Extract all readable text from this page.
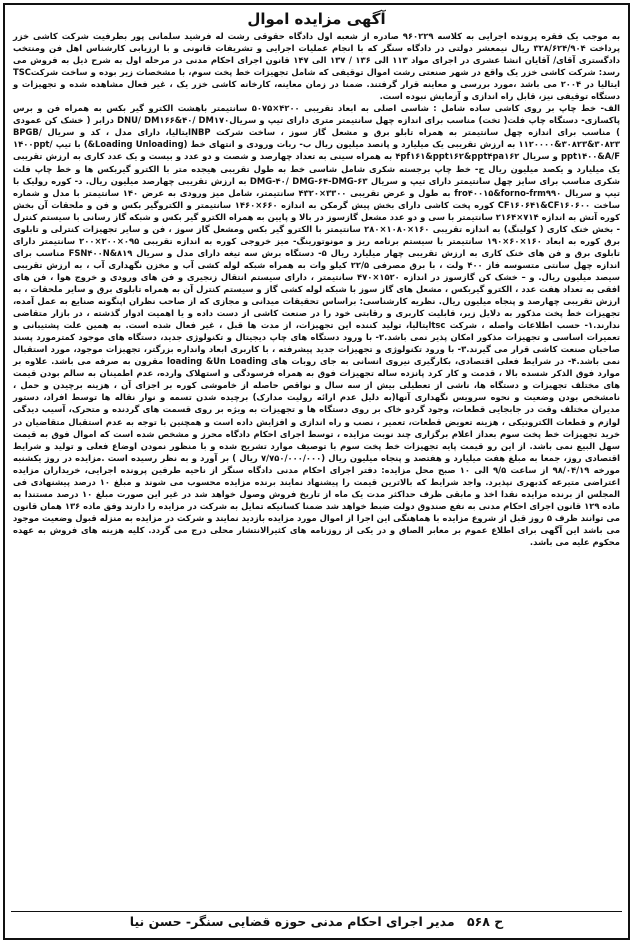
آگهی مزایده اموال

به موجب یک فقره پرونده اجرایی به کلاسه ۹۶۰۲۲۹ صادره از شعبه اول دادگاه حقوقی رشت له فرشید سلمانی پور بطرفیت شرکت کاشی خزر پرداخت ۳۲۸/۶۲۴/۹۰۴ ریال نیمعشر دولتی در دادگاه سنگر که با انجام عملیات اجرایی و تشریفات قانونی و با ارزیابی کارشناس اهل فن ومنتخب دادگستری آقای/ آقایان انشا عشری در اجرای مواد ۱۱۳ الی ۱۳۶ / ۱۳۷ الی ۱۴۷ قانون اجرای احکام مدنی در مرحله اول به شرح ذیل به فروش می رسد: شرکت کاشی خزر یک واقع در شهر صنعتی رشت اموال توقیفی که شامل تجهیزات خط پخت سوم، با مشخصات زیر بوده و ساخت شرکتTSC ایتالیا در ۲۰۰۴ می باشد ،مورد بررسی و معاینه قرار گرفتند. ضمنا در زمان معاینه، کارخانه کاشی خزر یک ، غیر فعال مشاهده شده و تجهیزات و دستگاه توقیفی نیز، قابل راه اندازی و آزمایش نبوده است.

الف- خط چاپ بر روی کاشی ساده شامل : شاسی اصلی به ابعاد تقریبی ۴۲۰۰×۵۰۷۵ سانتیمتر باهشت الکترو گیر بکس به همراه فن و برس پاکسازی- دستگاه چاپ فلت( تخت) مناسب برای اندازه چهل سانتیمتر متری دارای تیپ و سریالDNU/ DM۱۶۶&۴۰/ DM۱۷۰ درابر ( خشک کن عمودی ) مناسب برای اندازه چهل سانتیمتر به همراه تابلو برق و مشعل گاز سوز ، ساخت شرکت NBPایتالیا، دارای مدل ، کد و سریال BPGB/۱۱۲۰۰۰۰&۳۰۸۲۳&۳۰۸۲۳ به ارزش تقریبی یک میلیارد و پانصد میلیون ریال ب- ربات ورودی و انتهای خط (Loading Unloading&) با تیپ ۱۴۰۰ppt/ ppt۱۴۰۰&A/F و سریال ۴pf۱۶۱&ppt۱۶۲&ppt۴pa۱۶۲ به همراه سینی به تعداد چهارصد و شصت و دو عدد و بیست و یک عدد کاری به ارزش تقریبی یک میلیارد و یکصد میلیون ریال ج- خط چاپ برجسته شکری شامل شاسی خط به طول تقریبی هیجده متر با الکترو گیربکس ها و خط چاپ فلت شکری مناسب برای سایز چهل سانتیمتر دارای تیپ و سریال DMG-۴۰/ DMG-۶۴-DMG-۶۳ به ارزش تقریبی چهارصد میلیون ریال. د- کوره رولیک با تیپ و سریال fro۴۰۰۱۵&forno-frm۹۹۰ به طول و عرض تقریبی ۳۳۰۰×۴۳۲۰ سانتیمتر، شامل میز ورودی به عرض ۱۴۰ سانتیمتر با مدل و شماره ساخت CF۱۶۰۶۴۱&CF۱۶۰۶۰۰ کوره پخت کاشی دارای بخش پیش گرمکن به اندازه ۶۶۰×۱۴۶۰ سانتیمتر و الکتروگیر بکس و فن و ملحقات آن بخش کوره آتش به اندازه ۷۱۴×۲۱۶۴ سانتیمتر با سی و دو عدد مشعل گازسوز در بالا و پایین به همراه الکترو گیر بکس و شبکه گاز رسانی با سیستم کنترل - بخش خنک کاری ( کولینگ) به اندازه تقریبی ۱۶۰×۱۰۸۰×۲۸۰ سانتیمتر با الکترو گیر بکس ومشعل گاز سوز ، فن و سایر تجهیزات کنترلی و تابلوی برق کوره به ابعاد ۱۶۰×۶۰×۱۹۰ سانتیمتر با سیستم برنامه ریز و مونوتورینگ- میز خروجی کوره به اندازه تقریبی ۰۹۵×۲۰۰×۲۰۰ سانتیمتر دارای تابلوی برق و فن های خنک کاری به ارزش تقریبی چهار میلیارد ریال ۵- دستگاه برش سه تیغه دارای مدل و سریال FSN۴۰۰N&۸۱۹ مناسب برای اندازه چهل سانتی متسوسه فاز ۴۰۰ ولت ، با برق مصرفی ۲۲/۵ کیلو وات به همراه شبکه لوله کشی آب و مخزن نگهداری آب ، به ارزش تقریبی سیصد میلیون ریال. و – خشک کن گازسوز در اندازه ۱۵۲۰×۴۷۰ سانتیمتر ، دارای سیستم انتقال زنجیری و فن های ورودی و خروج هوا ، فن های افقی به تعداد هفت عدد ، الکترو گیربکس ، مشعل های گاز سوز با شبکه لوله کشی گاز و سیستم کنترل آن به همراه تابلوی برق و سایر ملحقات ، به ارزش تقریبی چهارصد و پنجاه میلیون ریال. نظریه کارشناسی: براساس تحقیقات میدانی و مجازی که از صاحب نظران اپنگونه صنایع به عمل آمده، تجهیزات خط پخت مذکور به دلایل زیر، قابلیت کاربری و رقابتی خود را در صنعت کاشی از دست داده و یا اهمیت ادوار گذشته ، در بازار متقاضی ندارند.۱- حسب اطلاعات واصله ، شرکت tscایتالیا، تولید کننده این تجهیزات، از مدت ها قبل ، غیر فعال شده است. به همین علت پشتیبانی و تعمیرات اساسی و تجهیزات مذکور امکان پذیر نمی باشد.۲- با ورود دستگاه های چاپ دیجیتال و تکنولوژی جدید، دستگاه های موجود کمترمورد پسند صاحبان صنعت کاشی قرار می گیرند.۳- با ورود تکنولوژی و تجهیزات جدید پیشرفته ، با کاربری ابعاد وانداره بزرگتر، تجهیزات موجود، مورد استقبال نمی باشد.۴- در شرایط فعلی اقتصادی، بکارگیری نیروی انسانی به جای روبات های loading &Un Loading مقرون به صرفه می باشد. علاوه بر موارد فوق الذکر شسده بالا ، قدمت و کار کرد پانزده ساله تجهیزات فوق به همراه فرسودگی و استهلاک وارده، عدم اطمینان به سالم بودن قیمت های مختلف تجهیزات و دستگاه ها، ناشی از تعطیلی بیش از سه سال و نواقص حاصله از خاموشی کوره بر اجزای آن ، هزینه برچیدن و حمل ، نامشخص بودن وضعیت و نحوه سرویس نگهداری آنها(به دلیل عدم ارائه رولیت مدارک) برچیده شدن تسمه و نوار نقاله ها توسط افراد، دستور مدیران مختلف وقت در جابجایی قطعات، وجود گردو خاک بر روی دستگاه ها و تجهیزات به ویژه بر روی قسمت های گردنده و متحرک، آسیب دیدگی لوازم و قطعات الکترونیکی ، هزینه تعویض قطعات، تعمیر ، نصب و راه اندازی و افزایش داده است و همچنین با توجه به عدم استقبال متقاضیان در خرید تجهیزات خط پخت سوم بعداز اعلام برگزاری چند نوبت مزایده ، توسط اجرای احکام دادگاه محرز و مشخص شده است که اموال فوق به قیمت سهل البیع نمی باشد. از این رو قیمت پایه تجهیزات خط پخت سوم با توصیف موارد تشریح شده و با منظور نمودن اوضاع فعلی و تولید و شرایط اقتصادی روز، جمعا به مبلغ هفت میلیارد و هفتصد و پنجاه میلیون ریال (۷/۷۵۰/۰۰۰/۰۰۰ ریال ) بر آورد و به نظر رسیده است .مزایده در روز یکشنبه مورخه ۹۸/۰۴/۱۹ از ساعت ۹/۵ الی ۱۰ صبح محل مزایده: دفتر اجرای احکام مدنی دادگاه سنگر از ناحیه طرفین پرونده اجرایی، خریداران مزایده اعتراضی متیرعه کدبهری نپذیرد. واجد شرایط که بالاترین قیمت را پیشنهاد نمایند برنده مزایده محسوب می شوند و مبلغ ۱۰ درصد پیشنهادی فی المجلس از برنده مزایده نقدا اخذ و مابقی ظرف حداکثر مدت یک ماه از تاریخ فروش وصول خواهد شد در غیر این صورت مبلغ ۱۰ درصد مستندا به ماده ۱۲۹ قانون اجرای احکام مدنی به نفع صندوق دولت ضبط خواهد شد ضمنا کسانیکه تمایل به شرکت در مزایده را دارند وفق ماده ۱۳۶ همان قانون می توانند ظرف ۵ روز قبل از شروع مزایده با هماهنگی این اجرا از اموال مورد مزایده بازدید نمایند و شرکت در مزایده به منزله قبول وضعیت موجود می باشد این آگهی برای اطلاع عموم بر معابر الصاق و در یکی از روزنامه های کثیرالانتشار محلی درج می گردد. کلیه هزینه های فروش به عهده محکوم علیه می باشد.

ح ۵۶۸ مدیر اجرای احکام مدنی حوزه قضایی سنگر- حسن نیا
